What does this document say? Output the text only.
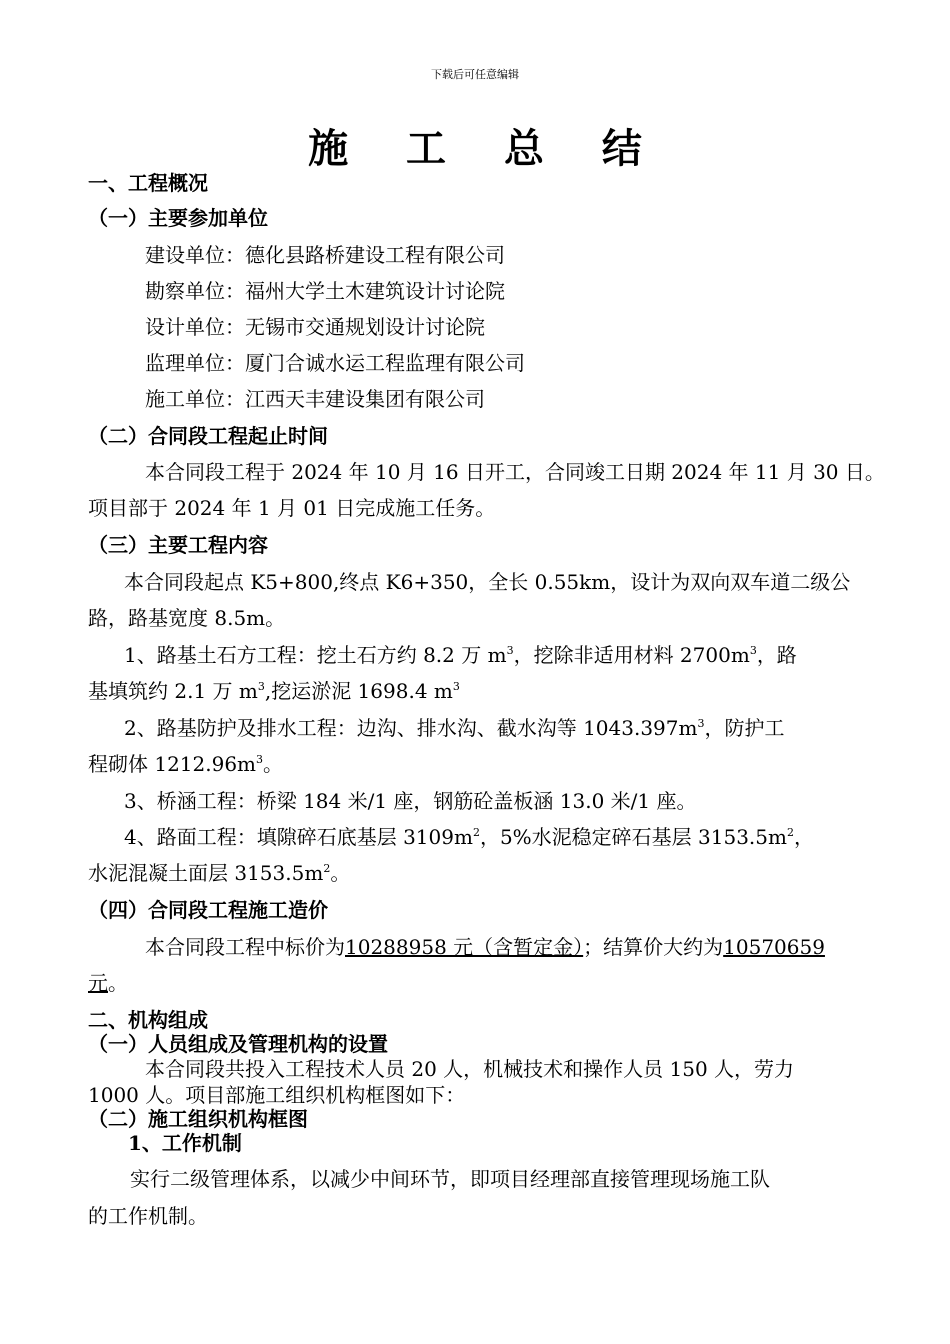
下载后可任意编辑
施 工 总 结
一、工程概况
（一）主要参加单位
建设单位：德化县路桥建设工程有限公司
勘察单位：福州大学土木建筑设计讨论院
设计单位：无锡市交通规划设计讨论院
监理单位：厦门合诚水运工程监理有限公司
施工单位：江西天丰建设集团有限公司
（二）合同段工程起止时间
本合同段工程于 2024 年 10 月 16 日开工，合同竣工日期 2024 年 11 月 30 日。
项目部于 2024 年 1 月 01 日完成施工任务。
（三）主要工程内容
本合同段起点 K5+800,终点 K6+350，全长 0.55km，设计为双向双车道二级公
路，路基宽度 8.5m。
1、路基土石方工程：挖土石方约 8.2 万 $m^3$，挖除非适用材料 $2700m^3$，路
基填筑约 2.1 万 $m^3$,挖运淤泥 1698.4 $m^3$
2、路基防护及排水工程：边沟、排水沟、截水沟等 $1043.397m^3$，防护工
程砌体 $1212.96m^3$。
3、桥涵工程：桥梁 184 米/1 座，钢筋砼盖板涵 13.0 米/1 座。
4、路面工程：填隙碎石底基层 $3109m^2$，5%水泥稳定碎石基层 $3153.5m^2$，
水泥混凝土面层 $3153.5m^2$。
（四）合同段工程施工造价
本合同段工程中标价为10288958 元（含暂定金）；结算价大约为10570659
元。
二、机构组成
（一）人员组成及管理机构的设置
本合同段共投入工程技术人员 20 人，机械技术和操作人员 150 人，劳力
1000 人。项目部施工组织机构框图如下：
（二）施工组织机构框图
1、工作机制
实行二级管理体系，以减少中间环节，即项目经理部直接管理现场施工队
的工作机制。
